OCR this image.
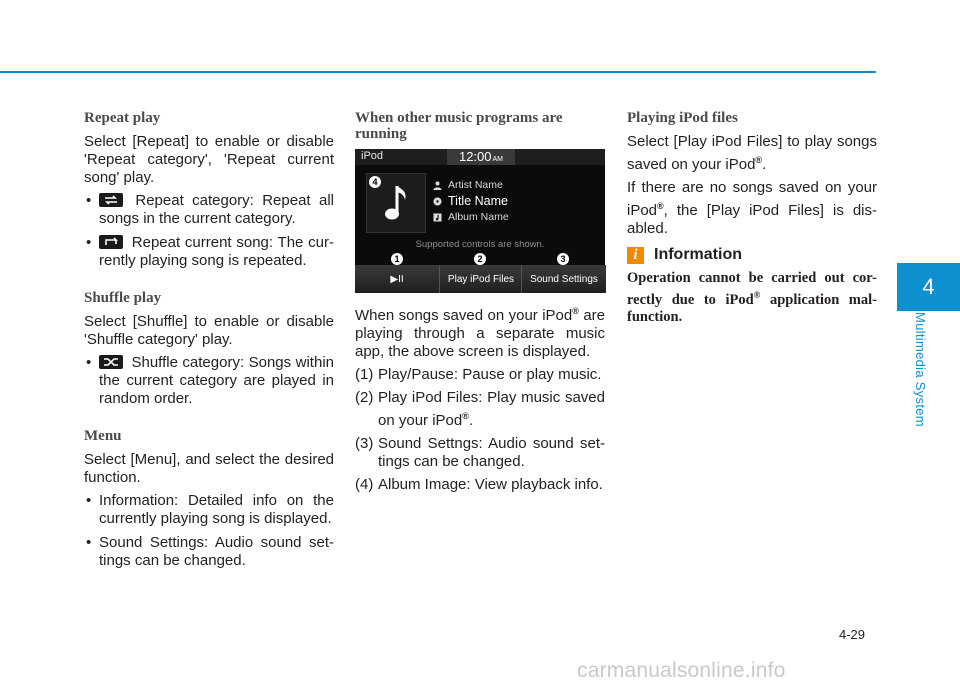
Repeat play

Select [Repeat] to enable or disable 'Repeat category', 'Repeat current song' play.

• Repeat category: Repeat all songs in the current category.
• Repeat current song: The cur-rently playing song is repeated.
Shuffle play

Select [Shuffle] to enable or disable 'Shuffle category' play.

• Shuffle category: Songs within the current category are played in random order.
Menu

Select [Menu], and select the desired function.

• Information: Detailed info on the currently playing song is displayed.
• Sound Settings: Audio sound set-tings can be changed.
When other music programs are running
iPod	12:00AM
Artist Name
Title Name
Album Name
Supported controls are shown.
▶II	Play iPod Files	Sound Settings
1	2	3
4

When songs saved on your iPod® are playing through a separate music app, the above screen is displayed.

(1) Play/Pause: Pause or play music.
(2) Play iPod Files: Play music saved on your iPod®.
(3) Sound Settngs: Audio sound set-tings can be changed.
(4) Album Image: View playback info.
Playing iPod files

Select [Play iPod Files] to play songs saved on your iPod®.

If there are no songs saved on your iPod®, the [Play iPod Files] is dis-abled.

i	Information

Operation cannot be carried out cor-rectly due to iPod® application mal-function.

4
Multimedia System
4-29
carmanualsonline.info
